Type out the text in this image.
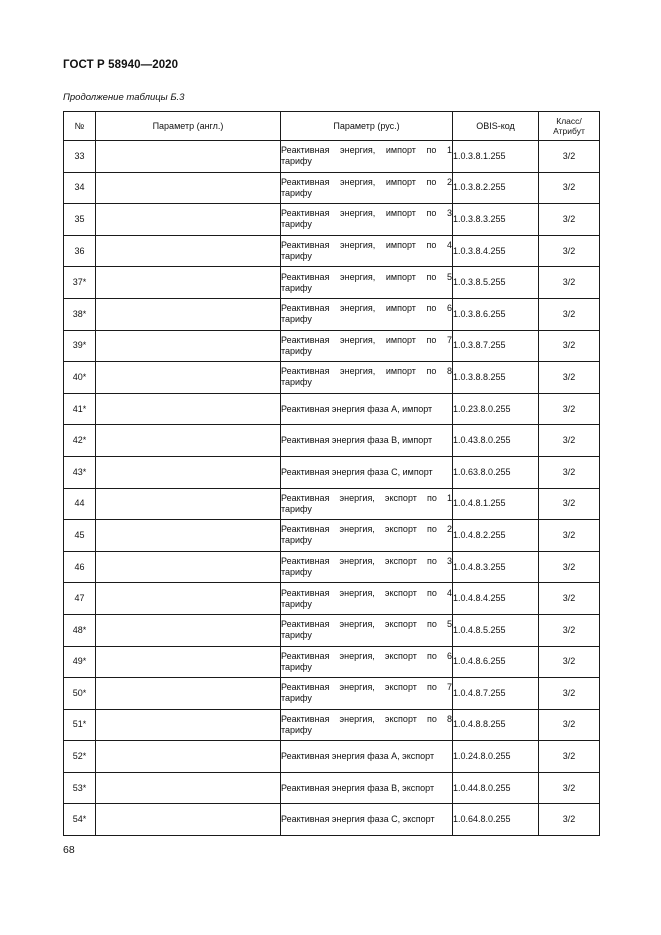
ГОСТ Р 58940—2020
Продолжение таблицы Б.3
№	Параметр (англ.)	Параметр (рус.)	OBIS-код	Класс/
Атрибут
33		Реактивная энергия, импорт по 1 тарифу	1.0.3.8.1.255	3/2
34		Реактивная энергия, импорт по 2 тарифу	1.0.3.8.2.255	3/2
35		Реактивная энергия, импорт по 3 тарифу	1.0.3.8.3.255	3/2
36		Реактивная энергия, импорт по 4 тарифу	1.0.3.8.4.255	3/2
37*		Реактивная энергия, импорт по 5 тарифу	1.0.3.8.5.255	3/2
38*		Реактивная энергия, импорт по 6 тарифу	1.0.3.8.6.255	3/2
39*		Реактивная энергия, импорт по 7 тарифу	1.0.3.8.7.255	3/2
40*		Реактивная энергия, импорт по 8 тарифу	1.0.3.8.8.255	3/2
41*		Реактивная энергия фаза A, импорт	1.0.23.8.0.255	3/2
42*		Реактивная энергия фаза B, импорт	1.0.43.8.0.255	3/2
43*		Реактивная энергия фаза C, импорт	1.0.63.8.0.255	3/2
44		Реактивная энергия, экспорт по 1 тарифу	1.0.4.8.1.255	3/2
45		Реактивная энергия, экспорт по 2 тарифу	1.0.4.8.2.255	3/2
46		Реактивная энергия, экспорт по 3 тарифу	1.0.4.8.3.255	3/2
47		Реактивная энергия, экспорт по 4 тарифу	1.0.4.8.4.255	3/2
48*		Реактивная энергия, экспорт по 5 тарифу	1.0.4.8.5.255	3/2
49*		Реактивная энергия, экспорт по 6 тарифу	1.0.4.8.6.255	3/2
50*		Реактивная энергия, экспорт по 7 тарифу	1.0.4.8.7.255	3/2
51*		Реактивная энергия, экспорт по 8 тарифу	1.0.4.8.8.255	3/2
52*		Реактивная энергия фаза A, экспорт	1.0.24.8.0.255	3/2
53*		Реактивная энергия фаза B, экспорт	1.0.44.8.0.255	3/2
54*		Реактивная энергия фаза C, экспорт	1.0.64.8.0.255	3/2
68
